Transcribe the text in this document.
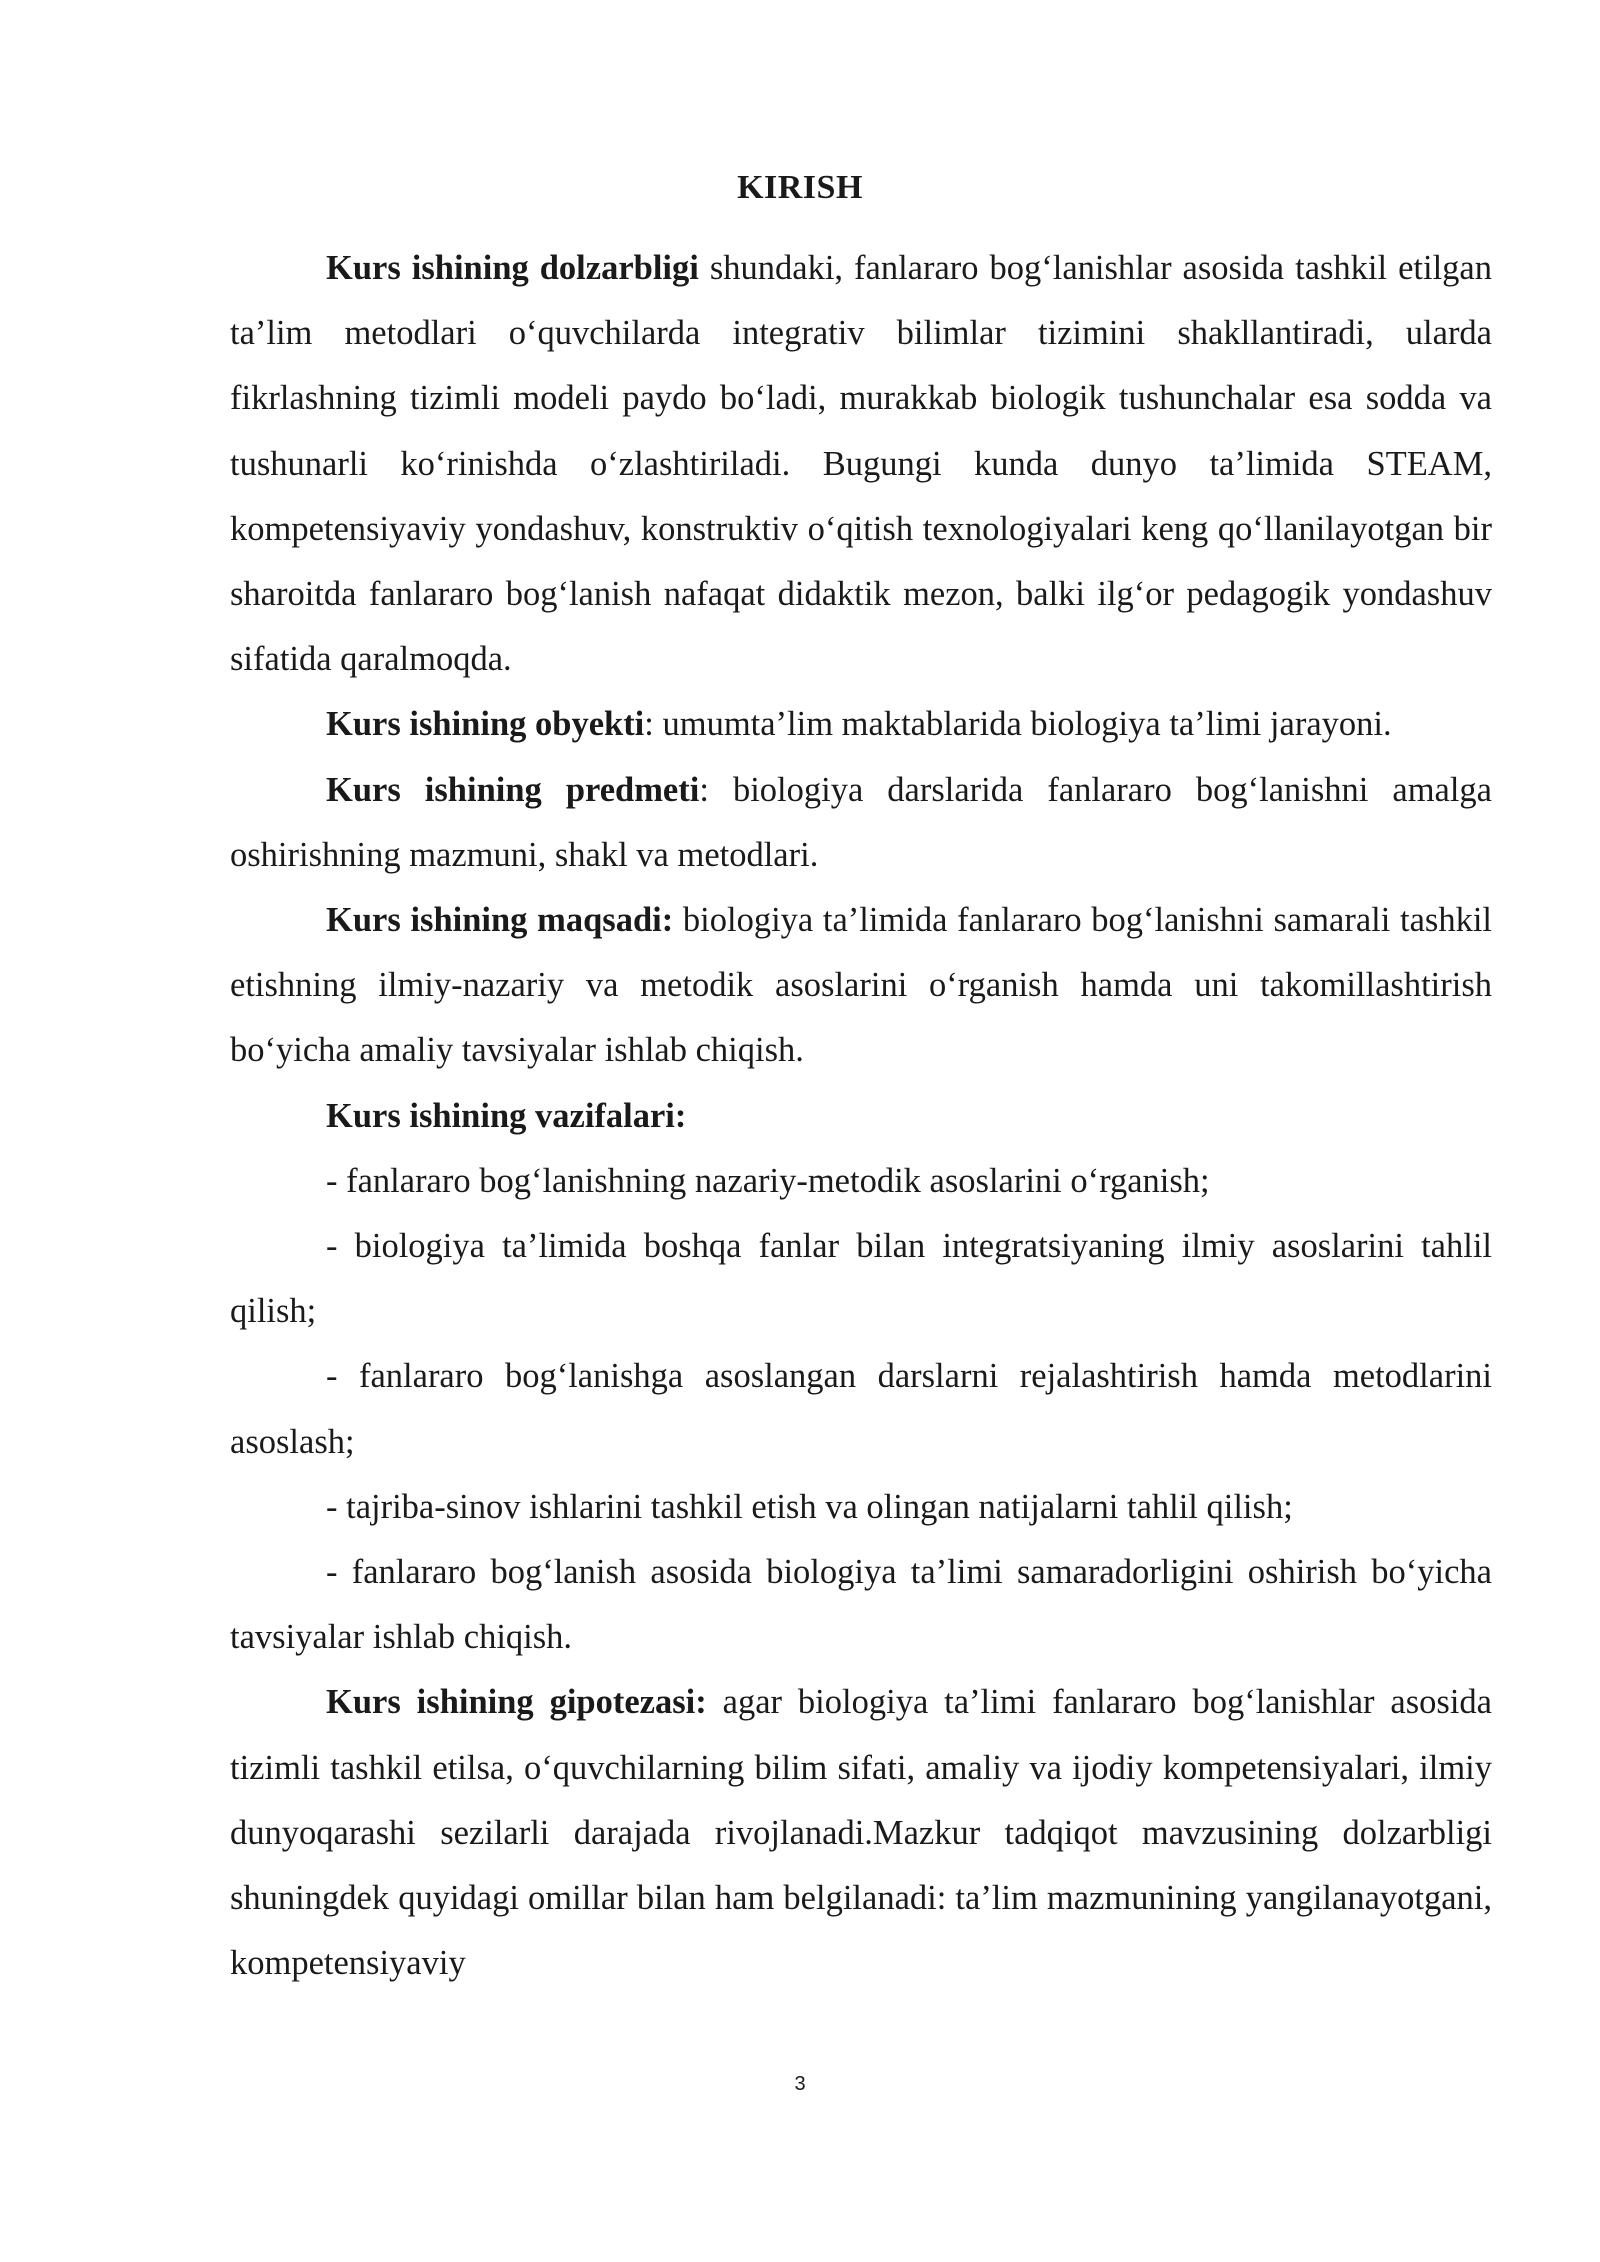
KIRISH

Kurs ishining dolzarbligi shundaki, fanlararo bog‘lanishlar asosida tashkil etilgan ta’lim metodlari o‘quvchilarda integrativ bilimlar tizimini shakllantiradi, ularda fikrlashning tizimli modeli paydo bo‘ladi, murakkab biologik tushunchalar esa sodda va tushunarli ko‘rinishda o‘zlashtiriladi. Bugungi kunda dunyo ta’limida STEAM, kompetensiyaviy yondashuv, konstruktiv o‘qitish texnologiyalari keng qo‘llanilayotgan bir sharoitda fanlararo bog‘lanish nafaqat didaktik mezon, balki ilg‘or pedagogik yondashuv sifatida qaralmoqda.

Kurs ishining obyekti: umumta’lim maktablarida biologiya ta’limi jarayoni.

Kurs ishining predmeti: biologiya darslarida fanlararo bog‘lanishni amalga oshirishning mazmuni, shakl va metodlari.

Kurs ishining maqsadi: biologiya ta’limida fanlararo bog‘lanishni samarali tashkil etishning ilmiy-nazariy va metodik asoslarini o‘rganish hamda uni takomillashtirish bo‘yicha amaliy tavsiyalar ishlab chiqish.

Kurs ishining vazifalari:

- fanlararo bog‘lanishning nazariy-metodik asoslarini o‘rganish;

- biologiya ta’limida boshqa fanlar bilan integratsiyaning ilmiy asoslarini tahlil qilish;

- fanlararo bog‘lanishga asoslangan darslarni rejalashtirish hamda metodlarini asoslash;

- tajriba-sinov ishlarini tashkil etish va olingan natijalarni tahlil qilish;

- fanlararo bog‘lanish asosida biologiya ta’limi samaradorligini oshirish bo‘yicha tavsiyalar ishlab chiqish.

Kurs ishining gipotezasi: agar biologiya ta’limi fanlararo bog‘lanishlar asosida tizimli tashkil etilsa, o‘quvchilarning bilim sifati, amaliy va ijodiy kompetensiyalari, ilmiy dunyoqarashi sezilarli darajada rivojlanadi.Mazkur tadqiqot mavzusining dolzarbligi shuningdek quyidagi omillar bilan ham belgilanadi: ta’lim mazmunining yangilanayotgani, kompetensiyaviy

3
